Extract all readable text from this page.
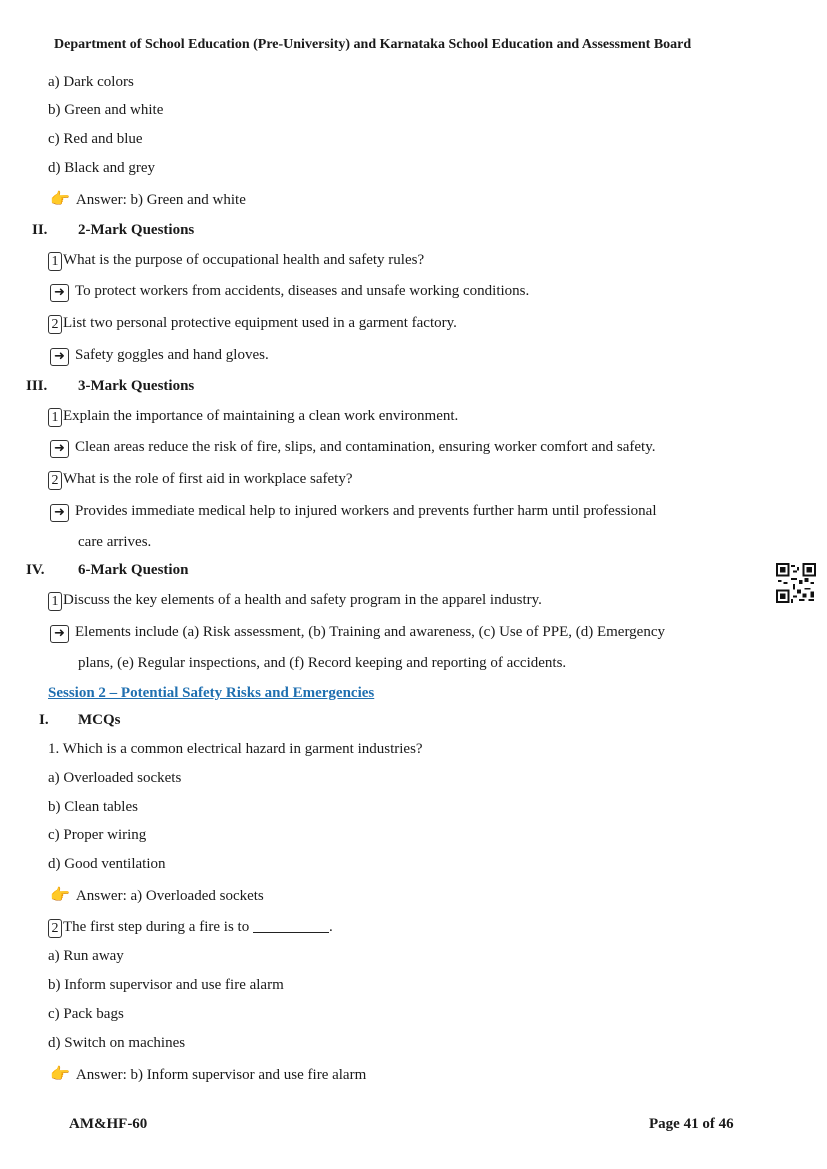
Department of School Education (Pre-University) and Karnataka School Education and Assessment Board
a) Dark colors
b) Green and white
c) Red and blue
d) Black and grey
👉 Answer: b) Green and white
II. 2-Mark Questions
1 What is the purpose of occupational health and safety rules?
➜ To protect workers from accidents, diseases and unsafe working conditions.
2 List two personal protective equipment used in a garment factory.
➜ Safety goggles and hand gloves.
III. 3-Mark Questions
1 Explain the importance of maintaining a clean work environment.
➜ Clean areas reduce the risk of fire, slips, and contamination, ensuring worker comfort and safety.
2 What is the role of first aid in workplace safety?
➜ Provides immediate medical help to injured workers and prevents further harm until professional
care arrives.
IV. 6-Mark Question
1 Discuss the key elements of a health and safety program in the apparel industry.
➜ Elements include (a) Risk assessment, (b) Training and awareness, (c) Use of PPE, (d) Emergency
plans, (e) Regular inspections, and (f) Record keeping and reporting of accidents.
Session 2 – Potential Safety Risks and Emergencies
I. MCQs
1. Which is a common electrical hazard in garment industries?
a) Overloaded sockets
b) Clean tables
c) Proper wiring
d) Good ventilation
👉 Answer: a) Overloaded sockets
2 The first step during a fire is to	.
a) Run away
b) Inform supervisor and use fire alarm
c) Pack bags
d) Switch on machines
👉 Answer: b) Inform supervisor and use fire alarm
AM&HF-60	Page 41 of 46
